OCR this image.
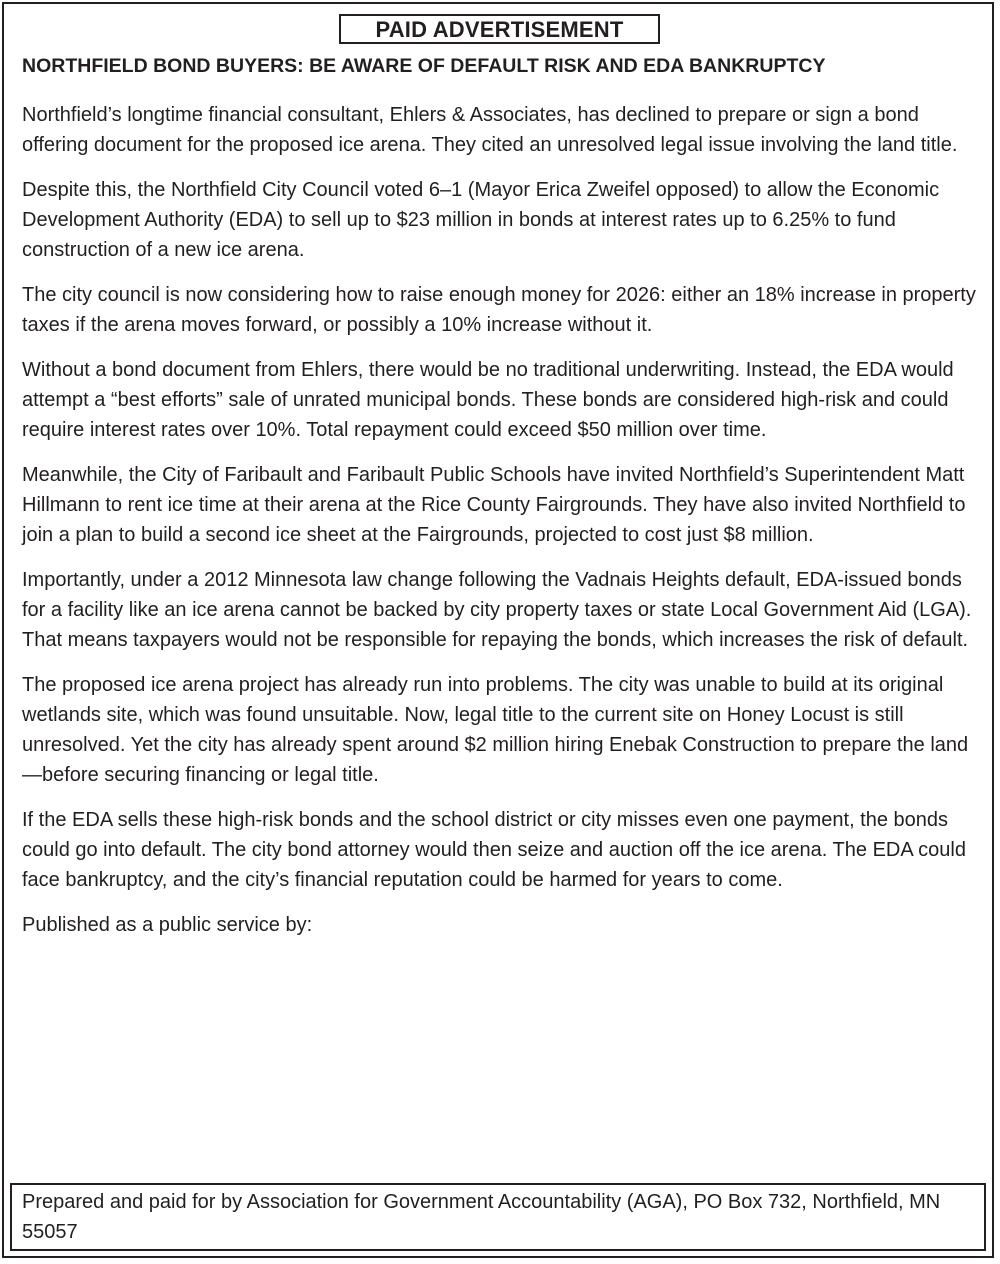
PAID ADVERTISEMENT
NORTHFIELD BOND BUYERS: BE AWARE OF DEFAULT RISK AND EDA BANKRUPTCY

Northfield’s longtime financial consultant, Ehlers & Associates, has declined to prepare or sign a bond offering document for the proposed ice arena. They cited an unresolved legal issue involving the land title.

Despite this, the Northfield City Council voted 6–1 (Mayor Erica Zweifel opposed) to allow the Economic Development Authority (EDA) to sell up to $23 million in bonds at interest rates up to 6.25% to fund construction of a new ice arena.

The city council is now considering how to raise enough money for 2026: either an 18% increase in property taxes if the arena moves forward, or possibly a 10% increase without it.

Without a bond document from Ehlers, there would be no traditional underwriting. Instead, the EDA would attempt a “best efforts” sale of unrated municipal bonds. These bonds are considered high-risk and could require interest rates over 10%. Total repayment could exceed $50 million over time.

Meanwhile, the City of Faribault and Faribault Public Schools have invited Northfield’s Superintendent Matt Hillmann to rent ice time at their arena at the Rice County Fairgrounds. They have also invited Northfield to join a plan to build a second ice sheet at the Fairgrounds, projected to cost just $8 million.

Importantly, under a 2012 Minnesota law change following the Vadnais Heights default, EDA-issued bonds for a facility like an ice arena cannot be backed by city property taxes or state Local Government Aid (LGA). That means taxpayers would not be responsible for repaying the bonds, which increases the risk of default.

The proposed ice arena project has already run into problems. The city was unable to build at its original wetlands site, which was found unsuitable. Now, legal title to the current site on Honey Locust is still unresolved. Yet the city has already spent around $2 million hiring Enebak Construction to prepare the land—before securing financing or legal title.

If the EDA sells these high-risk bonds and the school district or city misses even one payment, the bonds could go into default. The city bond attorney would then seize and auction off the ice arena. The EDA could face bankruptcy, and the city’s financial reputation could be harmed for years to come.

Published as a public service by:

Prepared and paid for by Association for Government Accountability (AGA), PO Box 732, Northfield, MN 55057
